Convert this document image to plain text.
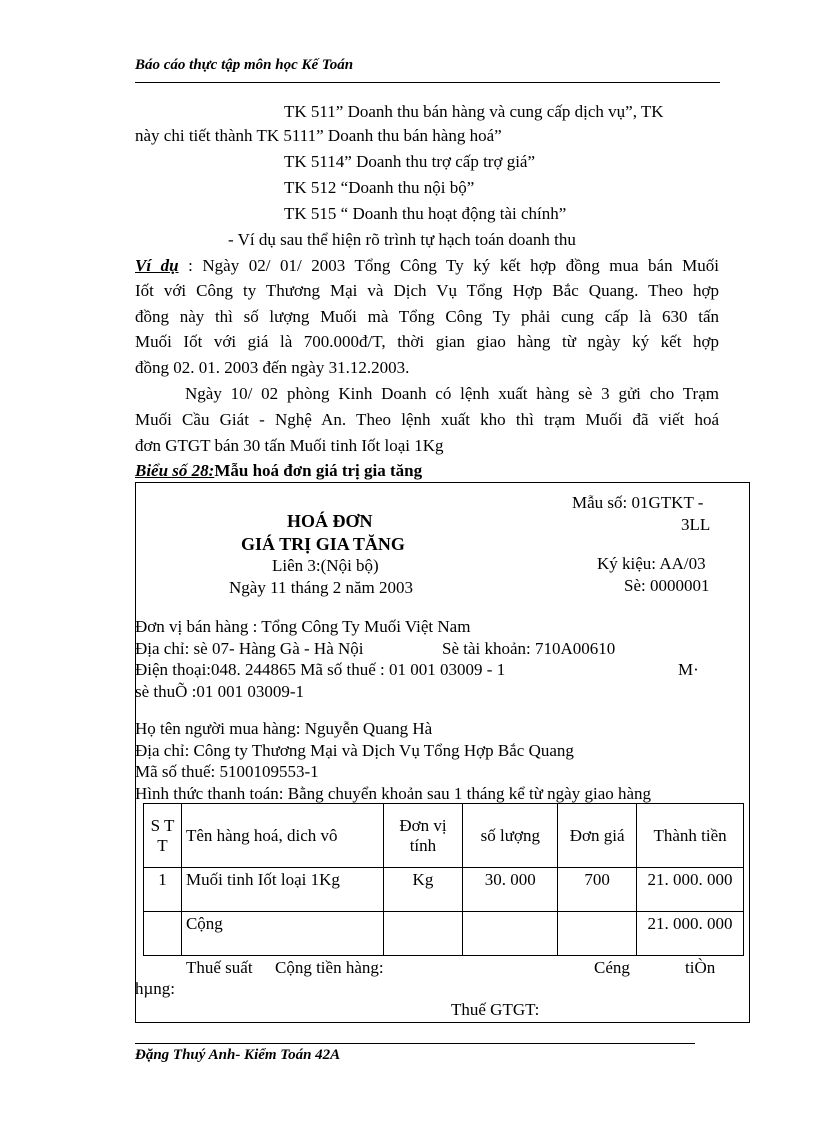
Báo cáo thực tập môn học Kế Toán
TK 511” Doanh thu bán hàng và cung cấp dịch vụ”, TK
này chi tiết thành TK 5111” Doanh thu bán hàng hoá”
TK 5114” Doanh thu trợ cấp trợ giá”
TK 512 “Doanh thu nội bộ”
TK 515 “ Doanh thu hoạt động tài chính”
- Ví dụ sau thể hiện rõ trình tự hạch toán doanh thu
Ví dụ : Ngày 02/ 01/ 2003 Tổng Công Ty ký kết hợp đồng mua bán Muối
Iốt với Công ty Thương Mại và Dịch Vụ Tổng Hợp Bắc Quang. Theo hợp
đồng này thì số lượng Muối mà Tổng Công Ty phải cung cấp là 630 tấn
Muối Iốt với giá là 700.000đ/T, thời gian giao hàng từ ngày ký kết hợp
đồng 02. 01. 2003 đến ngày 31.12.2003.
Ngày 10/ 02 phòng Kinh Doanh có lệnh xuất hàng sè 3 gửi cho Trạm
Muối Cầu Giát - Nghệ An. Theo lệnh xuất kho thì trạm Muối đã viết hoá
đơn GTGT bán 30 tấn Muối tinh Iốt loại 1Kg
Biểu số 28:Mẫu hoá đơn giá trị gia tăng
HOÁ ĐƠN
GIÁ TRỊ GIA TĂNG
Liên 3:(Nội bộ)
Ngày 11 tháng 2 năm 2003
Mẫu số: 01GTKT -
3LL
Ký kiệu: AA/03
Sè: 0000001
Đơn vị bán hàng : Tổng Công Ty Muối Việt Nam
Địa chỉ: sè 07- Hàng Gà - Hà Nội	Sè tài khoản: 710A00610
Điện thoại:048. 244865 Mã số thuế : 01 001 03009 - 1	M·
sè thuÕ :01 001 03009-1
Họ tên người mua hàng: Nguyễn Quang Hà
Địa chỉ: Công ty Thương Mại và Dịch Vụ Tổng Hợp Bắc Quang
Mã số thuế: 5100109553-1
Hình thức thanh toán: Bằng chuyển khoản sau 1 tháng kể từ ngày giao hàng
S T T	Tên hàng hoá, dich vô	Đơn vị tính	số lượng	Đơn giá	Thành tiền
1	Muối tinh Iốt loại 1Kg	Kg	30. 000	700	21. 000. 000
	Cộng				21. 000. 000
Thuế suất Cộng tiền hàng:	Céng	tiÒn
hµng:
Thuế GTGT:
Đặng Thuý Anh- Kiểm Toán 42A
